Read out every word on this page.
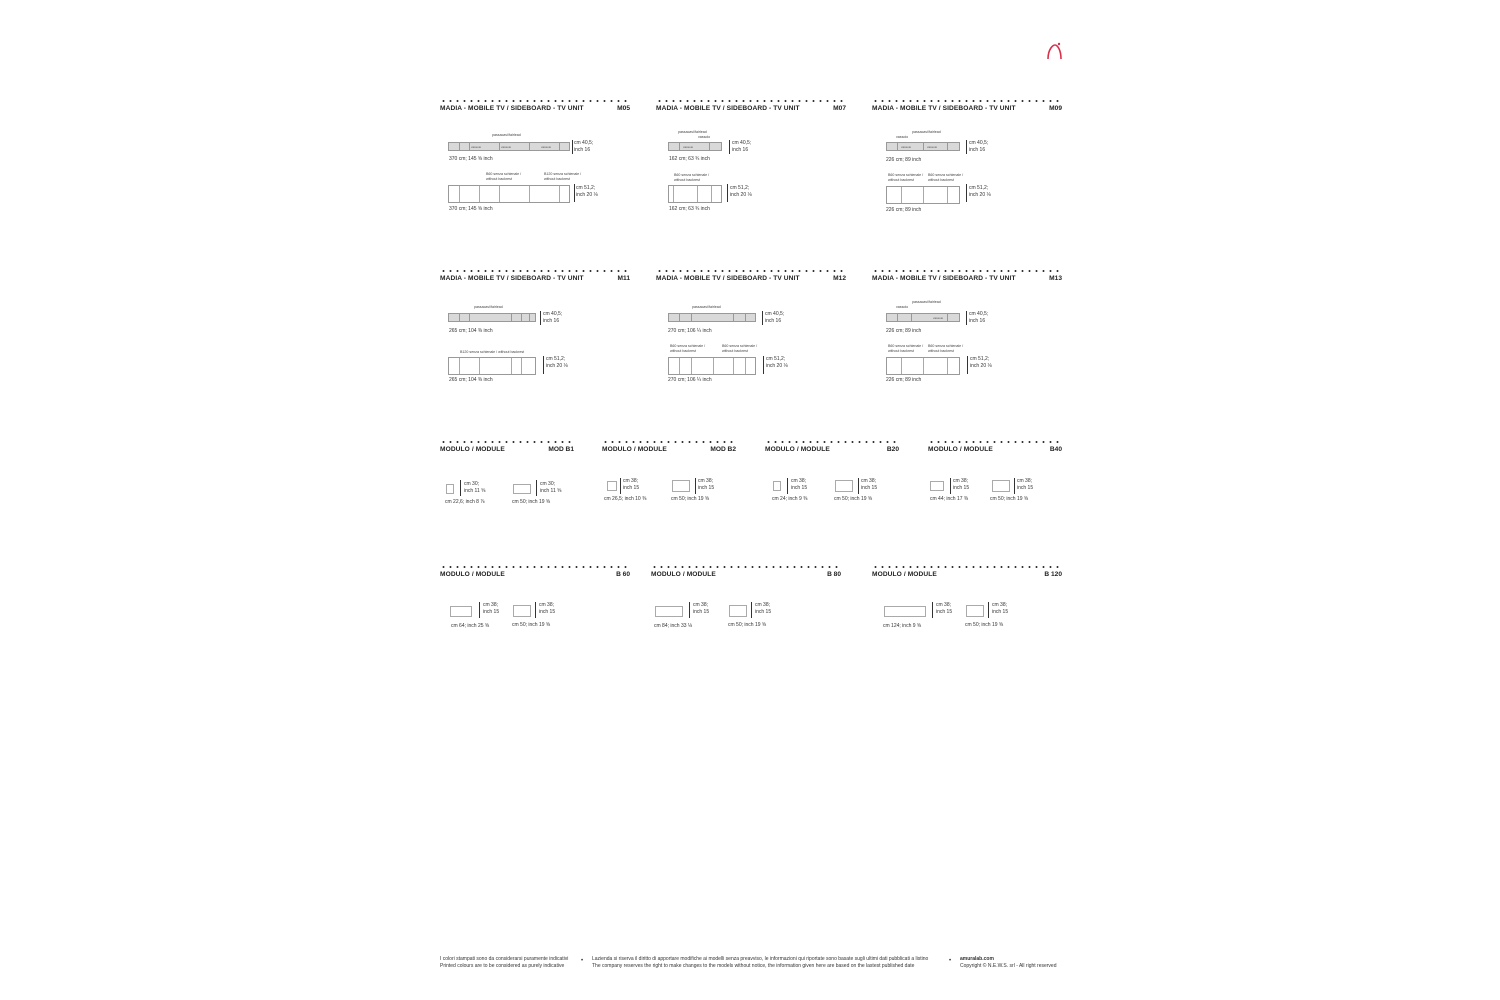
MADIA - MOBILE TV / SIDEBOARD - TV UNIT	M05
passacavi/fairlead
vassoio	vassoio	vassoio
cm 40,5;
inch 16
370 cm; 145 ⅝ inch
B60 senza schienale /
without backrest
B120 senza schienale /
without backrest
cm 51,2;
inch 20 ⅛
370 cm; 145 ⅝ inch
MADIA - MOBILE TV / SIDEBOARD - TV UNIT	M07
passacavi/fairlead
vassoio
vassoio
cm 40,5;
inch 16
162 cm; 63 ¾ inch
B60 senza schienale /
without backrest
cm 51,2;
inch 20 ⅛
162 cm; 63 ¾ inch
MADIA - MOBILE TV / SIDEBOARD - TV UNIT	M09
passacavi/fairlead
vassoio
vassoio	vassoio
cm 40,5;
inch 16
226 cm; 89 inch
B60 senza schienale /
without backrest
B60 senza schienale /
without backrest
cm 51,2;
inch 20 ⅛
226 cm; 89 inch
MADIA - MOBILE TV / SIDEBOARD - TV UNIT	M11
passacavi/fairlead
cm 40,5;
inch 16
265 cm; 104 ⅜ inch
B120 senza schienale / without backrest
cm 51,2;
inch 20 ⅛
265 cm; 104 ⅜ inch
MADIA - MOBILE TV / SIDEBOARD - TV UNIT	M12
passacavi/fairlead
cm 40,5;
inch 16
270 cm; 106 ¼ inch
B60 senza schienale /
without backrest
B60 senza schienale /
without backrest
cm 51,2;
inch 20 ⅛
270 cm; 106 ¼ inch
MADIA - MOBILE TV / SIDEBOARD - TV UNIT	M13
passacavi/fairlead
vassoio
vassoio
cm 40,5;
inch 16
226 cm; 89 inch
B60 senza schienale /
without backrest
B60 senza schienale /
without backrest
cm 51,2;
inch 20 ⅛
226 cm; 89 inch
MODULO / MODULE	MOD B1
cm 30;
inch 11 ⅝
cm 22,6; inch 8 ⅞
cm 30;
inch 11 ⅝
cm 50; inch 19 ⅝
MODULO / MODULE	MOD B2
cm 38;
inch 15
cm 26,5; inch 10 ⅜
cm 38;
inch 15
cm 50; inch 19 ⅝
MODULO / MODULE	B20
cm 38;
inch 15
cm 24; inch 9 ⅜
cm 38;
inch 15
cm 50; inch 19 ⅝
MODULO / MODULE	B40
cm 38;
inch 15
cm 44; inch 17 ⅜
cm 38;
inch 15
cm 50; inch 19 ⅝
MODULO / MODULE	B 60
cm 38;
inch 15
cm 64; inch 25 ⅝
cm 38;
inch 15
cm 50; inch 19 ⅝
MODULO / MODULE	B 80
cm 38;
inch 15
cm 84; inch 33 ⅛
cm 38;
inch 15
cm 50; inch 19 ⅝
MODULO / MODULE	B 120
cm 38;
inch 15
cm 124; inch 9 ⅝
cm 38;
inch 15
cm 50; inch 19 ⅝
I colori stampati sono da considerarsi puramente indicativi
Printed colours are to be considered as purely indicative
• Lazienda si riserva il diritto di apportare modifiche ai modelli senza preavviso, le informazioni qui riportate sono basate sugli ultimi dati pubblicati a listino
The company reserves the right to make changes to the models without notice, the information given here are based on the lastest published date
• amuralab.com
Copyright © N.E.W.S. srl - All right reserved
